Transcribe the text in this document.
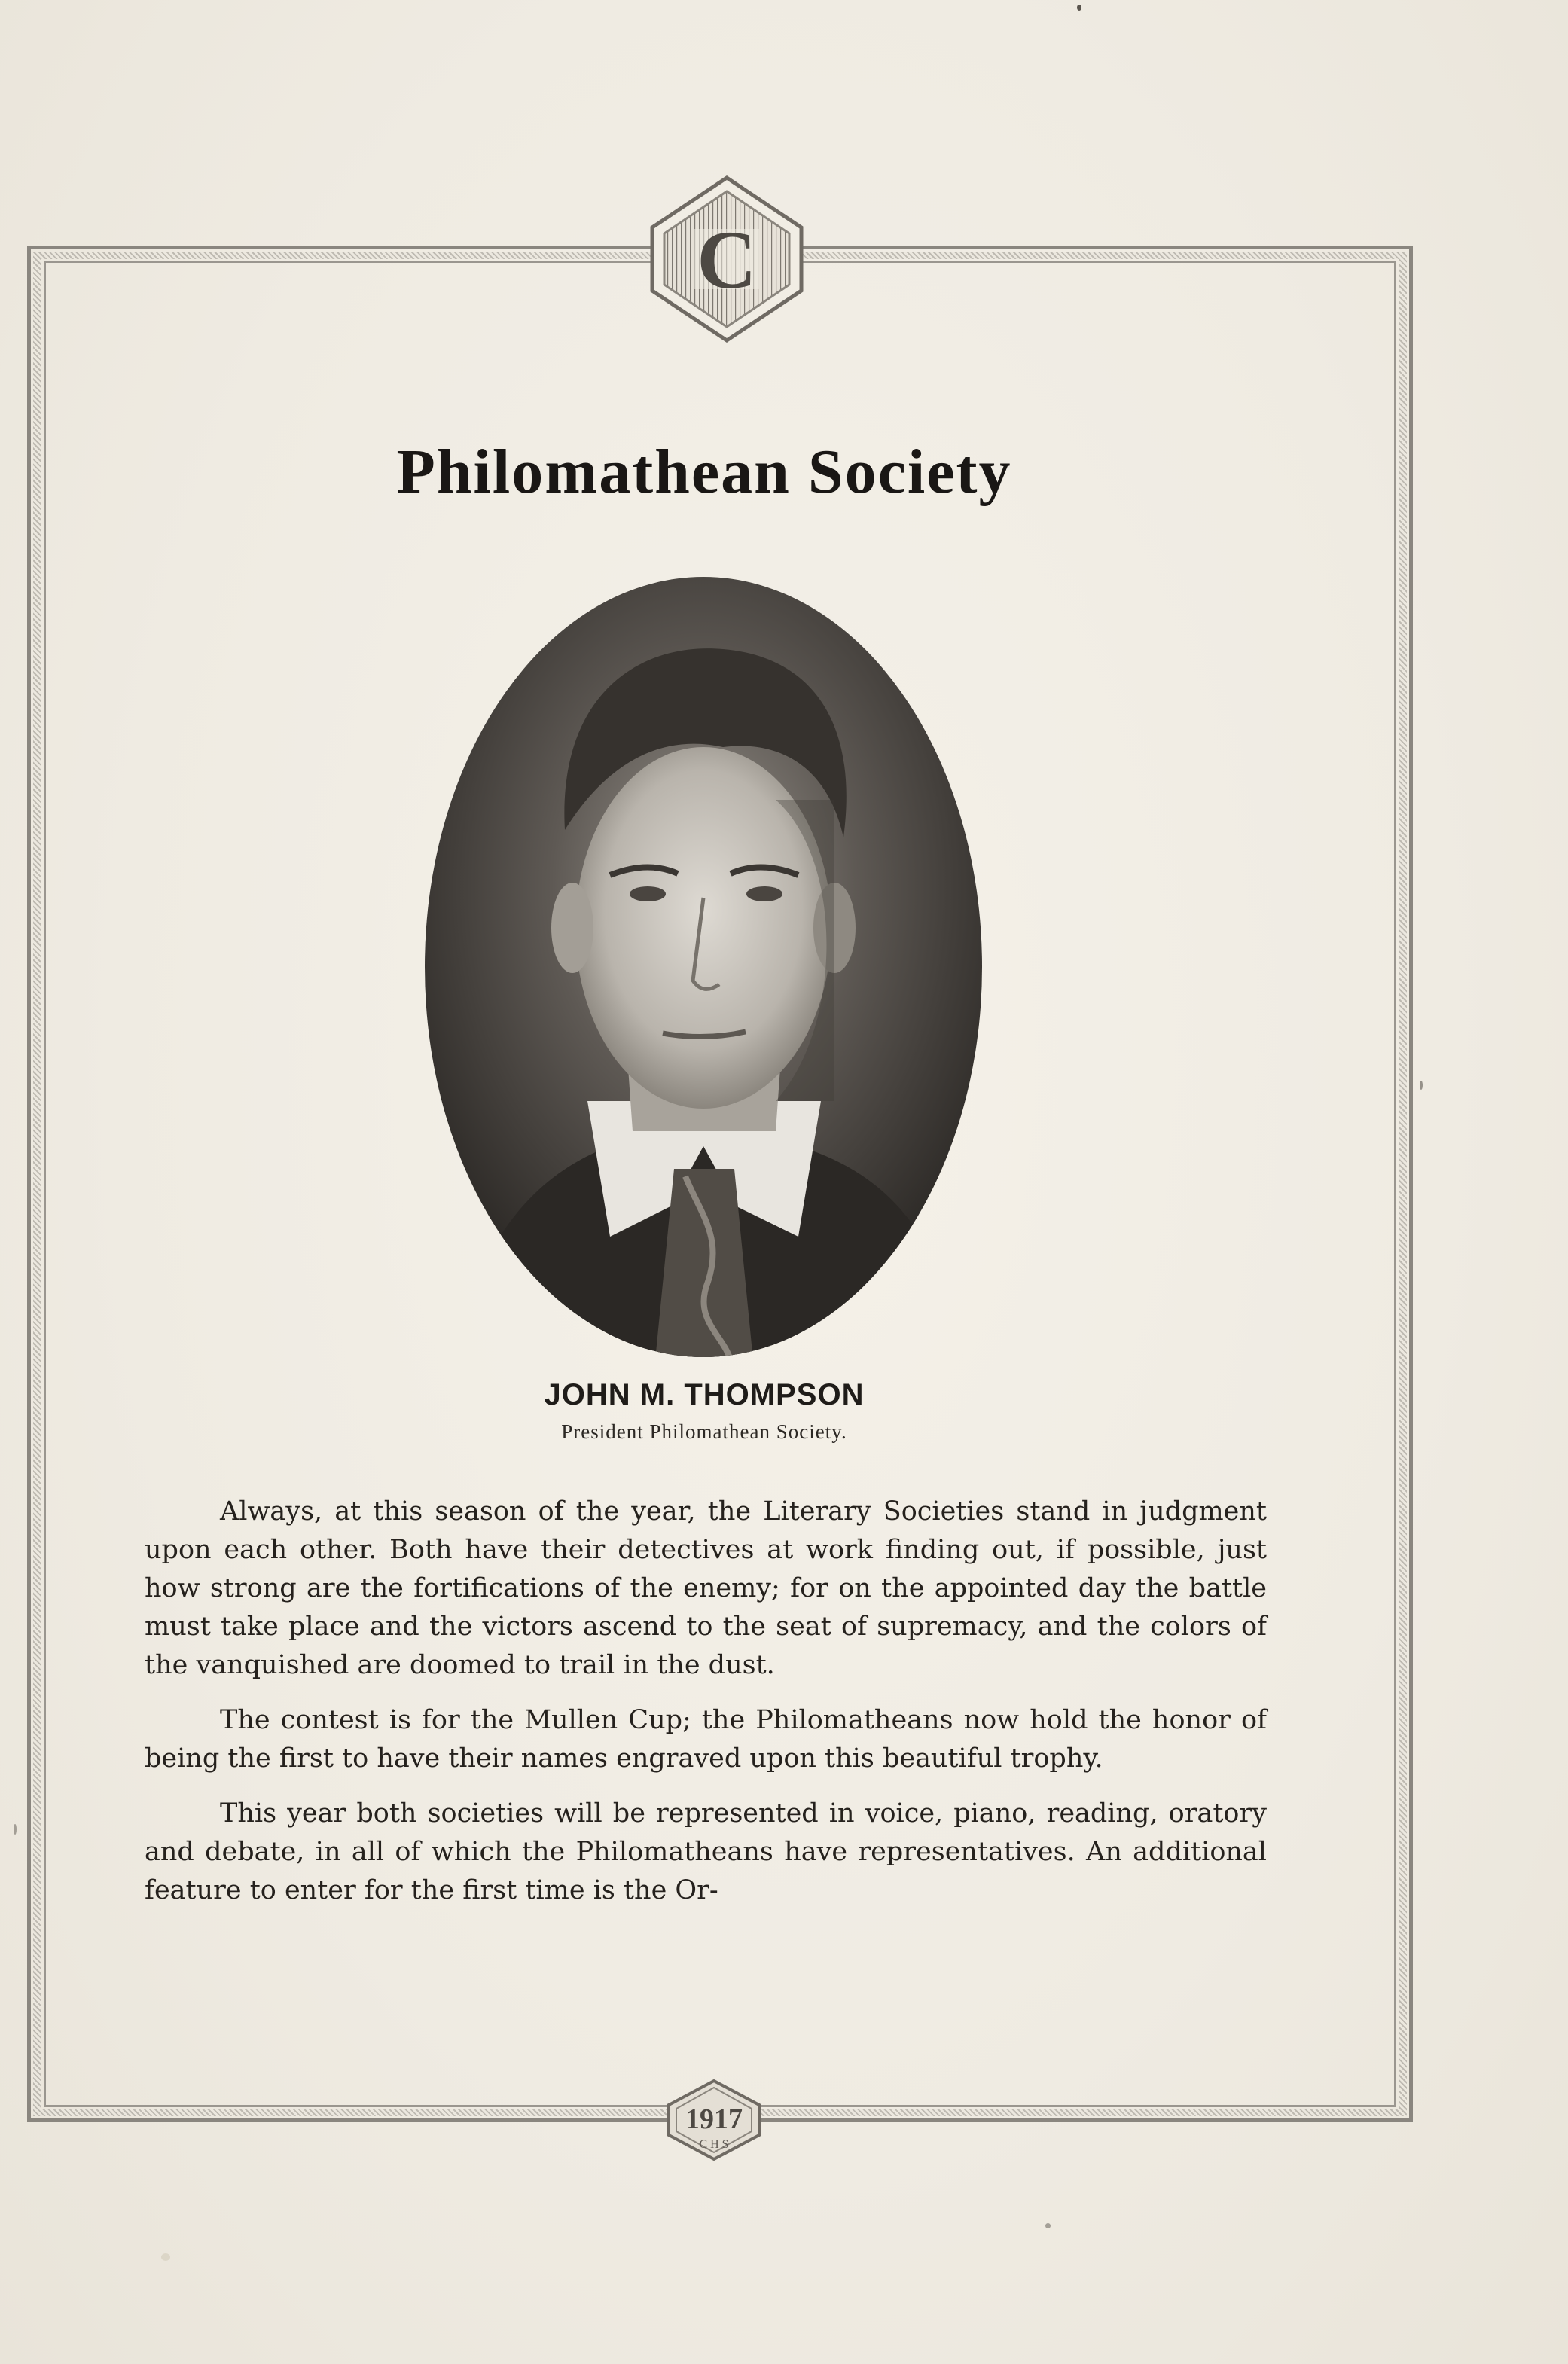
C
Philomathean Society
JOHN M. THOMPSON
President Philomathean Society.

Always, at this season of the year, the Literary Societies stand in judgment upon each other. Both have their detectives at work finding out, if possible, just how strong are the fortifications of the enemy; for on the appointed day the battle must take place and the victors ascend to the seat of supremacy, and the colors of the vanquished are doomed to trail in the dust.

The contest is for the Mullen Cup; the Philomatheans now hold the honor of being the first to have their names engraved upon this beautiful trophy.

This year both societies will be represented in voice, piano, reading, oratory and debate, in all of which the Philomatheans have representatives. An additional feature to enter for the first time is the Or-

1917
C H S
